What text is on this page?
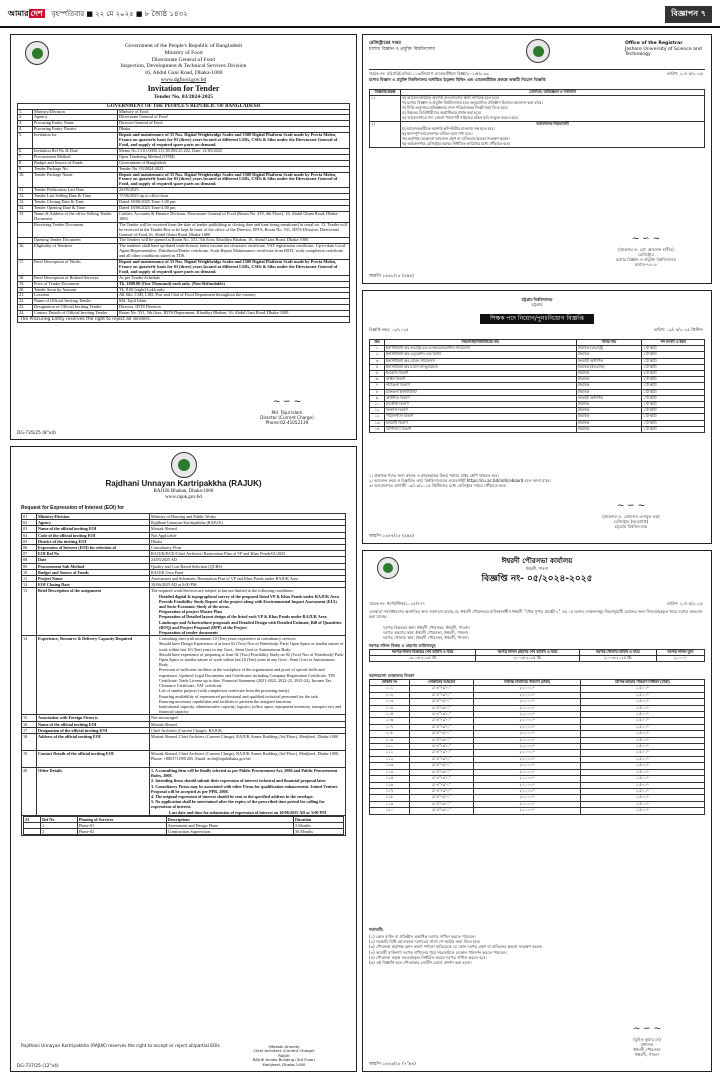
আমার দেশ বৃহস্পতিবার ■ ২২ মে ২০২৫ ■ ৮ জ্যৈষ্ঠ ১৪৩২	বিজ্ঞাপন ৭
Government of the People's Republic of Bangladesh
Ministry of Food
Directorate General of Food
Inspection, Development & Technical Services Division
16, Abdul Gani Road, Dhaka-1000
www.dgfood.gov.bd
Invitation for Tender
Tender No. 03/2024-2025
GOVERNMENT OF THE PEOPLE'S REPUBLIC OF BANGLADESH
1.	Ministry/Division	Ministry of Food
2.	Agency	Directorate General of Food
3.	Procuring Entity Name	Director General of Food
4.	Procuring Entity District	Dhaka
5.	Invitation for	Repair and maintenance of 33 Nos. Digital Weighbridge Scales and 1500 Digital Platform Scale made by Precia Molen, France on quarterly basis for 03 (three) years located at different LSDs, CSDs & Silos under the Directorate General of Food, and supply of required spare parts on demand.
6.	Invitation Ref No & Date	Memo No.13.01.0000.111.38.003.25.202, Date: 21/05/2025
7.	Procurement Method	Open Tendering Method (OTM)
8.	Budget and Source of Funds	Government of Bangladesh
9.	Tender Package No.	Tender No. 03/2024-2025
10.	Tender Package Name	Repair and maintenance of 33 Nos. Digital Weighbridge Scales and 1500 Digital Platform Scale made by Precia Molen, France on quarterly basis for 03 (three) years located at different LSDs, CSDs & Silos under the Directorate General of Food, and supply of required spare parts on demand.
11.	Tender Publication Last Date	25/05/2025
12.	Tender Last Selling Date & Time	17/06/2025 up to office hour
13.	Tender Closing Date & Time	Dated 18/06/2025 Time-1:00 pm
14.	Tender Opening Date & Time	Dated 18/06/2025 Time-2:00 pm
15.	Name & Address of the office Selling Tender Document	Cashier, Accounts & Finance Division, Directorate General of Food (Room No. 419, 4th Floor), 16, Abdul Ghani Road, Dhaka-1000.
	Receiving Tender Document	The Tender will be received from the date of tender publishing to closing date and time being mentioned in serial no. 13. Tender will be received in the Tender Box to be kept In front of the office of the Director, IDTS, Room No. 531, IDTS Division, Directorate General of Food,16, Abdul Ghani Road, Dhaka-1000
	Opening Tender Document	The Tenders will be opened at Room No. 531, 5th floor, Khaddya Bhaban, 16, Abdul Gani Road, Dhaka-1000.
16.	Eligibility of Tenderer	The tenderer shall have up-dated trade license, latest income tax clearance certificate, VAT registration certificate. Up-to-date Local Agent/Representative, Distributor/Dealer certificate. Scale Repair Maintenance certificate from BSTI, work completion certificate and all other conditions stated in TDS.
17.	Brief Description of Works	Repair and maintenance of 33 Nos. Digital Weighbridge Scales and 1500 Digital Platform Scale made by Precia Molen, France on quarterly basis for 03 (three) years located at different LSDs, CSDs & Silos under the Directorate General of Food, and supply of required spare parts on demand.
18.	Brief Description of Related Services	As per Tender Schedule
19.	Price of Tender Document	Tk. 1000.00 (One Thousand) each only. (Non-Refundable)
20.	Tender Security Amount	Tk. 8.00 (eight) Lakh only
21.	Location	All Silo, CSD, LSD, Port and Chal of Food Department throughout the country.
22.	Name of Official Inviting Tender	Md. Tajul Islam
23.	Designation of Official Inviting Tender	Director, IDTS Division
24.	Contact Details of Official Inviting Tender	Room No. 531, 5th floor, IDTS Department, Khaddya Bhaban, 16, Abdul Gani Road, Dhaka-1000.
The Procuring Entity reserves the right to reject all Tenders.
~ ∽ ~
Md. Tajul Islam
Director (Current Charge)
Phone:02-41052139
DG-735/25 (8"x4)
রেজিস্ট্রারের দপ্তর
যশোর বিজ্ঞান ও প্রযুক্তি বিশ্ববিদ্যালয়
Office of the Registrar
Jashore University of Science and Technology
স্মারক নং: যবিপ্রবি/রেজি/১১১৬/নিয়োগ এ্যাডভার্টাইজ বিজ্ঞা/২০২৫/৬০৯৯	তারিখ: ২০/০৫/২০২৫
যশোর বিজ্ঞান ও প্রযুক্তি বিশ্ববিদ্যালয় অর্থায়িত ইম্প্রুভ বিল্ডিং এন্ড এ্যাডভার্টাইজ প্রকল্পে অস্থায়ী নিয়োগ বিজ্ঞপ্তি
বিজ্ঞপ্তি/প্রকল্প	যোগ্যতা, অভিজ্ঞতা ও শর্তাবলি
১।	ক) আবেদনকারীকে অবশ্যই বাংলাদেশের স্থায়ী নাগরিক হতে হবে।
খ) যশোর বিজ্ঞান ও প্রযুক্তি বিশ্ববিদ্যালয় হতে অনুমোদিত প্রতিষ্ঠান হিসেবে আবেদন করা যাবে।
গ) সিভি অনুসারে অভিজ্ঞতার সনদ পরিচালকের নিকট জমা দিতে হবে।
ঘ) উচ্চতর ডিগ্রিধারীদের অগ্রাধিকার প্রদান করা হবে।
ঙ) আবেদনপত্রে সদ্য তোলা পাসপোর্ট সাইজের রঙিন ছবি সংযুক্ত করতে হবে।

২।	আবেদনের নিয়মাবলী
চ) আবেদনকারীকে অবশ্যই কম্পিউটার চালনায় দক্ষ হতে হবে।
ছ) অসম্পূর্ণ আবেদনপত্র বাতিল বলে গণ্য হবে।
জ) কর্তৃপক্ষ যেকোনো আবেদন গ্রহণ বা বাতিলের ক্ষমতা সংরক্ষণ করেন।
ঝ) আবেদনপত্র রেজিস্ট্রার বরাবর নির্ধারিত তারিখের মধ্যে পৌঁছাতে হবে।
~ ∽ ~
(প্রফেসর ড. মো: আহসান হাবীব)
রেজিস্ট্রার
যশোর বিজ্ঞান ও প্রযুক্তি বিশ্ববিদ্যালয়
যশোর-৭৪০৮
আরপি ১৪৪৮/২৫ (৫x৪)
চট্টগ্রাম বিশ্ববিদ্যালয়
চট্টগ্রাম
শিক্ষক পদে নিয়োগ/পুনঃনিয়োগ বিজ্ঞপ্তি
বিজ্ঞপ্তি নম্বর: ০৯/২০২৫	তারিখ: ১৯/০৫/২০২৫ খ্রিস্টাব্দ
ক্রম	বিভাগ/ইনস্টিটিউটের নাম	পদের নাম	পদ সংখ্যা ও ধরন
১	ইনস্টিটিউট অব ফরেস্ট্রি এন্ড এনভায়রনমেন্টাল সায়েন্সেস	প্রভাষক (ফরেস্ট্রি)	১টি স্থায়ী
২	ইনস্টিটিউট অব এডুকেশন এন্ড রিসার্চ	প্রভাষক	১টি স্থায়ী
৩	ইনস্টিটিউট অব মেরিন সায়েন্সেস	সহকারী অধ্যাপক	১টি স্থায়ী
৪	ইনস্টিটিউট অব মডার্ন ল্যাঙ্গুয়েজ	প্রভাষক (ইংরেজি)	১টি স্থায়ী
৫	ইংরেজি বিভাগ	প্রভাষক	২টি স্থায়ী
৬	আইন বিভাগ	প্রভাষক	১টি স্থায়ী
৭	নাট্যকলা বিভাগ	প্রভাষক	১টি স্থায়ী
৮	চারুকলা ইনস্টিটিউট	প্রভাষক	১টি স্থায়ী
৯	অর্থনীতি বিভাগ	সহকারী অধ্যাপক	১টি স্থায়ী
১০	মার্কেটিং বিভাগ	প্রভাষক	১টি স্থায়ী
১১	ফিন্যান্স বিভাগ	প্রভাষক	১টি স্থায়ী
১২	পরিসংখ্যান বিভাগ	প্রভাষক	১টি স্থায়ী
১৩	ফার্মেসী বিভাগ	প্রভাষক	১টি স্থায়ী
১৪	প্রাণিবিদ্যা বিভাগ	প্রভাষক	১টি স্থায়ী
১। প্রভাষক পদের জন্য স্নাতক ও স্নাতকোত্তর উভয় পর্যায়ে প্রথম শ্রেণি থাকতে হবে।
২। আবেদন ফরম ও বিস্তারিত তথ্য বিশ্ববিদ্যালয়ের ওয়েবসাইট https://cu.ac.bd/noticeboard হতে জানা যাবে।
৩। আবেদনপত্র আগামী ০৯/০৬/২০২৫ খ্রিস্টাব্দের মধ্যে রেজিস্ট্রার দপ্তরে পৌঁছাতে হবে।
~ ∽ ~
(প্রফেসর ড. মোহাম্মদ এনামুল হক)
রেজিস্ট্রার (ভারপ্রাপ্ত)
চট্টগ্রাম বিশ্ববিদ্যালয়
আরপি ১৪৪৭/২৫ (৫x৪)
Rajdhani Unnayan Kartripakkha (RAJUK)
RAJUK Bhaban, Dhaka-1000
www.rajuk.gov.bd
Request for Expression of Interest (EOI) for
01	Ministry/Division	Ministry of Housing and Public Works
02	Agency	Rajdhani Unnayan Kartripakkha (RAJUK)
03	Name of the official inviting EOI	Mostak Ahmed
04	Code of the official inviting EOI	Not Applicable
05	District of the inviting EOI	Dhaka
06	Expression of Interest (EOI) for selection of	Consultancy Firm
07	EOI Ref No	RAJUK/E/CE/Chief Architect/ Restoration Plan of VP and Khas Ponds/01/2025
08	Date	24/05/2025 AD
09	Procurement Sub Method	Quality and Cost Based Selection (QCBS)
10	Budget and Source of Funds	RAJUK Own Fund
11	Project Name	Assessment and Schematic Restoration Plan of VP and Khas Ponds under RAJUK Area
12	EOI Closing Date	10/06/2025 AD at 3:00 PM
13	Brief Description of the assignment	The required work/Services are subject to but not limited to the following conditions:
Detailed digital & topographical survey of the proposed listed VP & Khas Ponds under RAJUK Area
Provide Feasibility Study Report of the project along with Environmental Impact Assessment (EIA) and Socio-Economic Study of the areas.
Preparation of project Master Plan
Preparation of Detailed layout design of the listed each VP & Khas Ponds under RAJUK Area
Landscape and Arboriculture proposals and Detailed Design with Detailed Estimate, Bill of Quantities (BOQ) and Project Proposal (DPP) of the Project
Preparation of tender documents

14	Experience, Resource & Delivery Capacity Required	Consulting firm with minimum 10 (Ten) years experience in consultancy services
Should have Design Experience of at least 02 (Two) Nos of Waterbody/ Park/ Open Space or similar nature of work within last 10 (Ten) years in any Govt., Semi Govt or Autonomous Body.
Should have experience of preparing at least 02 (Two) Feasibility Study on 02 (Two) Nos of Waterbody/ Park/ Open Space or similar nature of work within last 10 (Ten) years in any Govt., Semi Govt or Autonomous Body.
Provision of sufficient facilities at the workplace of the organization and proof of special skills and experience, Updated Legal Documents and Certificates including Company Registration Certificate, TIN Certificate, Trade License up to date, Financial Statement (2021-2022, 2022-23, 2023-24), Income Tax Clearance Certificate, VAT certificate
List of similar projects (with completion certificate from the procuring entity)
Ensuring availability of experienced professional and qualified technical personnel for the task
Ensuring necessary capabilities and facilities to perform the assigned functions
Institutional capacity, administrative capacity, logistics (office space, equipment inventory, transport etc) and financial capacity

15	Association with Foreign Firms is	Not encouraged
16	Name of the official inviting EOI	Mostak Ahmed
17	Designation of the official inviting EOI	Chief Architect (Current Charge), RAJUK
18	Address of the official inviting EOI	Mostak Ahmed, Chief Architect (Current Charge), RAJUK Annex Building (3rd Floor), Motijheel, Dhaka-1000
19	Contact Details of the official inviting EOI	Mostak Ahmed, Chief Architect (Current Charge), RAJUK Annex Building (3rd Floor), Motijheel, Dhaka-1000, Phone: +8801711891205, Email: archt@rajukdhaka.gov.bd
20	Other Details	1. A consulting firm will be finally selected as per Public Procurement Act, 2006 and Public Procurement Rules, 2008.
2. Intending firms should submit their expression of interest technical and financial proposal later.
3. Consultancy Firms may be associated with other Firms for qualification enhancement. Joined Venture Proposal will be accepted as per PPR, 2008.
4. The original expression of interest should be sent to the specified address in the envelope.
5. No application shall be entertained after the expiry of the prescribed time period for calling for expressions of interest.
Last date and time for submission of expression of interest on 10/06/2025 AD at 3:00 PM

21	Ref No	Phasing of Services	Descriptions	Duration
	1	Phase-01	Assessment and Design Phase	3 Months
	2	Phase-02	Construction Supervision	36 Months
Rajdhani Unnayan Kartripakkha (RAJUK) reserves the right to accept or reject all/partial EOIs	(Mostak Ahmed)
Chief Architect (Current Charge)
RAJUK
RAJUK Annex Building (3rd Floor)
Motijheel, Dhaka-1000
DG-737/25 (12"x4)
ঈশ্বরদী পৌরসভা কার্যালয়
ঈশ্বরদী, পাবনা
বিজ্ঞপ্তি নং- ০৫/২০২৪-২০২৫
স্মারক নং- ঈপৌ/স্টাফ/২০২৫/৭৭৭	তারিখ- ২০/০৫/২০২৫
এতদ্বারা সর্বসাধারণের অবগতির জন্য জানানো যাচ্ছে যে, ঈশ্বরদী পৌরসভার মালিকানাধীন ঈশ্বরদী "পৌর সুপার মার্কেট-২" এর ১ম তলার দোকানসমূহ নিয়মানুযায়ী বরাদ্দের জন্য সিলমোহরকৃত খামে দরপত্র আহবান করা যাচ্ছে।
দরপত্র বিক্রয়ের স্থান: ঈশ্বরদী পৌরসভা, ঈশ্বরদী, পাবনা।
দরপত্র গ্রহণের স্থান: ঈশ্বরদী পৌরসভা, ঈশ্বরদী, পাবনা।
দরপত্র খোলার স্থান: ঈশ্বরদী পৌরসভা, ঈশ্বরদী, পাবনা।
দরপত্র দলিল বিক্রয় ও গ্রহণের তারিখসমূহ
দরপত্র দলিল বিক্রয়ের শেষ তারিখ ও সময়	দরপত্র দলিল গ্রহণের শেষ তারিখ ও সময়	দরপত্র খোলার তারিখ ও সময়	দরপত্র দলিল মূল্য
১৯-০৬-২০২৫ খ্রি:	২০-০৬-২০২৫ খ্রি:	২০-০৬-২০২৫ খ্রি:	২,০০০/-
বরাদ্দযোগ্য দোকানের বিবরণ
দোকান নং	দোকানের আয়তন	সর্বনিম্ন সালামির পরিমাণ (টাকা)	মাসিক ভাড়ার পরিমাণ নির্ধারণ (টাকা)
১০১	৯'-৪"×৯'-০"	২০,০০০/-	১,৫০০/-
১০২	৯'-৪"×৯'-০"	২০,০০০/-	১,৫০০/-
১০৩	৯'-৪"×৯'-০"	২০,০০০/-	১,৫০০/-
১০৪	৯'-৪"×৯'-০"	২০,০০০/-	১,৫০০/-
১০৫	৯'-৪"×৯'-০"	২০,০০০/-	১,৫০০/-
১০৬	৯'-৪"×৯'-০"	২০,০০০/-	১,৫০০/-
১০৭	৯'-৪"×৯'-০"	২০,০০০/-	১,৫০০/-
১০৮	৯'-৪"×৯'-০"	২০,০০০/-	১,৫০০/-
১০৯	৯'-৪"×৯'-০"	২০,০০০/-	১,৫০০/-
১১০	৯'-৪"×৯'-০"	২০,০০০/-	১,৫০০/-
১১১	৯'-৪"×৯'-০"	২০,০০০/-	১,৫০০/-
১১২	৯'-৪"×৯'-০"	২০,০০০/-	১,৫০০/-
১১৩	৯'-৪"×৯'-০"	২০,০০০/-	১,৫০০/-
১১৪	৯'-৪"×৯'-০"	২০,০০০/-	১,৫০০/-
১১৫	৯'-৪"×৯'-০"	২০,০০০/-	১,৫০০/-
১১৬	৯'-৪"×৯'-০"	২০,০০০/-	১,৫০০/-
১১৭	৯'-৪"×৯'-০"	২০,০০০/-	১,৫০০/-
১১৮	৯'-৪"×৯'-০"	২০,০০০/-	১,৫০০/-
১১৯	৯'-৪"×৯'-০"	২০,০০০/-	১,৫০০/-
১২০	৯'-৪"×৯'-০"	২০,০০০/-	১,৫০০/-
শর্তাবলী:
(১) কোন ব্যক্তি বা প্রতিষ্ঠান একাধিক দরপত্র দাখিল করতে পারবেন।
(২) সরকারি বিধি মোতাবেক দরপত্রের সাথে পে-অর্ডার জমা দিতে হবে।
(৩) পৌরসভা কর্তৃপক্ষ কোন কারণ দর্শানো ব্যতিরেকে যে কোন দরপত্র গ্রহণ বা বাতিলের ক্ষমতা সংরক্ষণ করেন।
(৪) আগ্রহী ব্যক্তিগণ দরপত্র দাখিলের পূর্বে সরেজমিনে দোকান পরিদর্শন করতে পারবেন।
(৫) পৌরসভা কর্তৃক সরবরাহকৃত নির্ধারিত ফরমে দরপত্র দাখিল করতে হবে।
(৬) এই বিজ্ঞপ্তি অত্র পৌরসভার নোটিশ বোর্ডে প্রদর্শন করা হলো।
~ ∽ ~
(মুহিত কুমার দে)
প্রশাসক
ঈশ্বরদী পৌরসভা
ঈশ্বরদী, পাবনা
আরপি ১৪৪৬/২৫ (৭"x৪)
